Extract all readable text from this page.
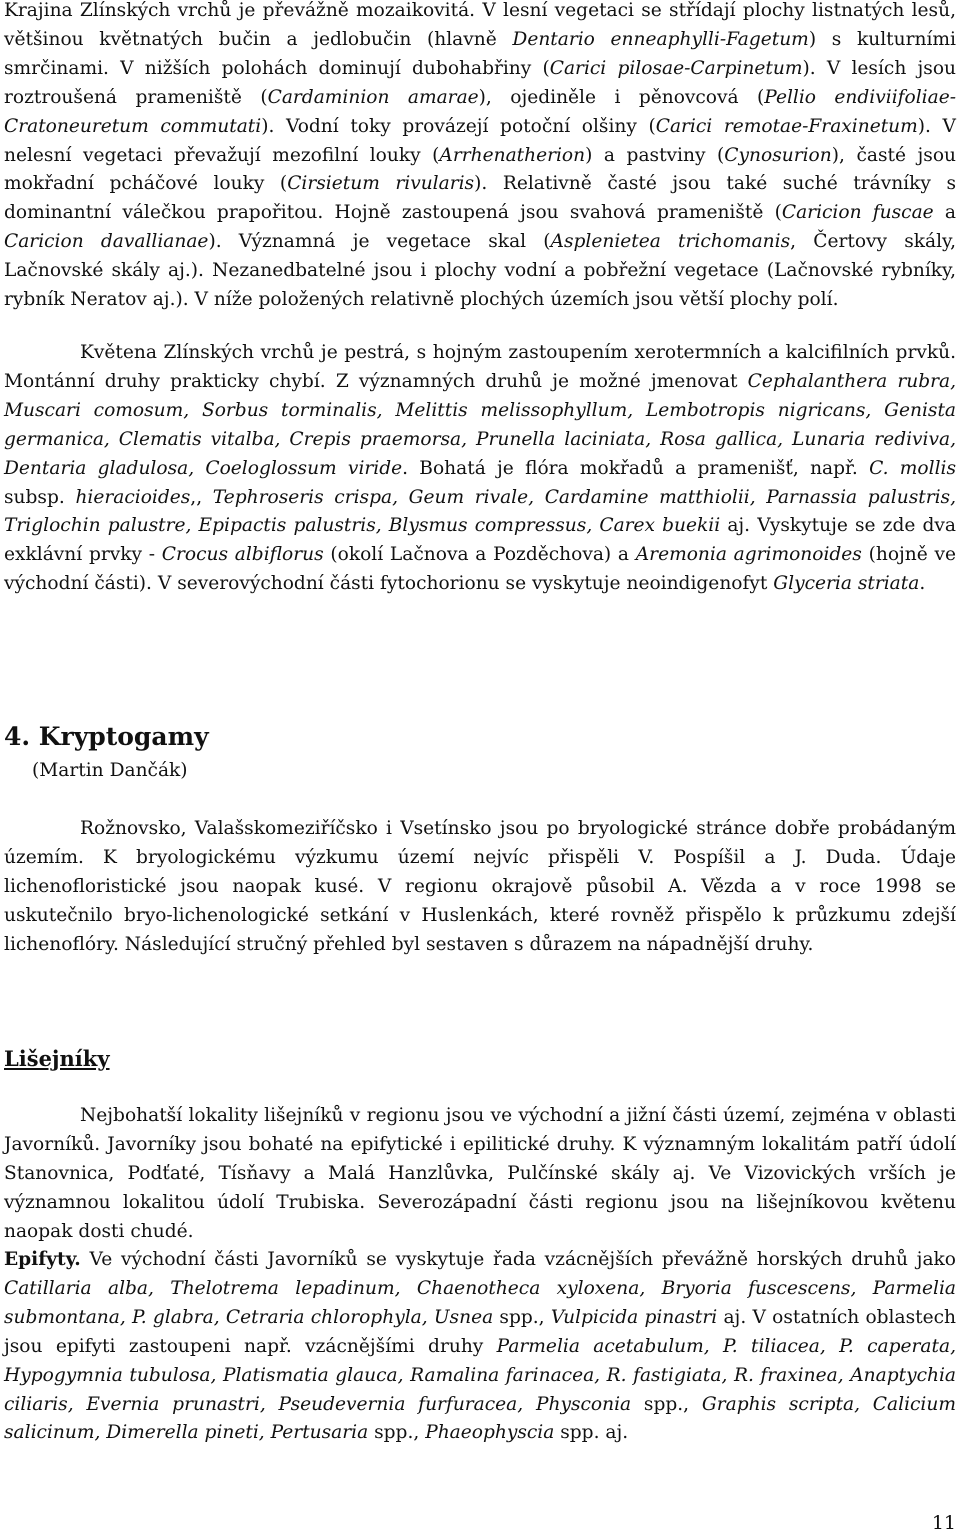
Krajina Zlínských vrchů je převážně mozaikovitá. V lesní vegetaci se střídají plochy listnatých lesů, většinou květnatých bučin a jedlobučin (hlavně Dentario enneaphylli-Fagetum) s kulturními smrčinami. V nižších polohách dominují dubohabřiny (Carici pilosae-Carpinetum). V lesích jsou roztroušená prameniště (Cardaminion amarae), ojediněle i pěnovcová (Pellio endiviifoliae-Cratoneuretum commutati). Vodní toky provázejí potoční olšiny (Carici remotae-Fraxinetum). V nelesní vegetaci převažují mezofilní louky (Arrhenatherion) a pastviny (Cynosurion), časté jsou mokřadní pcháčové louky (Cirsietum rivularis). Relativně časté jsou také suché trávníky s dominantní válečkou prapořitou. Hojně zastoupená jsou svahová prameniště (Caricion fuscae a Caricion davallianae). Významná je vegetace skal (Asplenietea trichomanis, Čertovy skály, Lačnovské skály aj.). Nezanedbatelné jsou i plochy vodní a pobřežní vegetace (Lačnovské rybníky, rybník Neratov aj.). V níže položených relativně plochých územích jsou větší plochy polí.

Květena Zlínských vrchů je pestrá, s hojným zastoupením xerotermních a kalcifilních prvků. Montánní druhy prakticky chybí. Z významných druhů je možné jmenovat Cephalanthera rubra, Muscari comosum, Sorbus torminalis, Melittis melissophyllum, Lembotropis nigricans, Genista germanica, Clematis vitalba, Crepis praemorsa, Prunella laciniata, Rosa gallica, Lunaria rediviva, Dentaria gladulosa, Coeloglossum viride. Bohatá je flóra mokřadů a pramenišť, např. C. mollis subsp. hieracioides,, Tephroseris crispa, Geum rivale, Cardamine matthiolii, Parnassia palustris, Triglochin palustre, Epipactis palustris, Blysmus compressus, Carex buekii aj. Vyskytuje se zde dva exklávní prvky - Crocus albiflorus (okolí Lačnova a Pozděchova) a Aremonia agrimonoides (hojně ve východní části). V severovýchodní části fytochorionu se vyskytuje neoindigenofyt Glyceria striata.

4. Kryptogamy
(Martin Dančák)

Rožnovsko, Valašskomeziříčsko i Vsetínsko jsou po bryologické stránce dobře probádaným územím. K bryologickému výzkumu území nejvíc přispěli V. Pospíšil a J. Duda. Údaje lichenofloristické jsou naopak kusé. V regionu okrajově působil A. Vězda a v roce 1998 se uskutečnilo bryo-lichenologické setkání v Huslenkách, které rovněž přispělo k průzkumu zdejší lichenoflóry. Následující stručný přehled byl sestaven s důrazem na nápadnější druhy.

Lišejníky

Nejbohatší lokality lišejníků v regionu jsou ve východní a jižní části území, zejména v oblasti Javorníků. Javorníky jsou bohaté na epifytické i epilitické druhy. K významným lokalitám patří údolí Stanovnica, Podťaté, Tísňavy a Malá Hanzlůvka, Pulčínské skály aj. Ve Vizovických vrších je významnou lokalitou údolí Trubiska. Severozápadní části regionu jsou na lišejníkovou květenu naopak dosti chudé.

Epifyty. Ve východní části Javorníků se vyskytuje řada vzácnějších převážně horských druhů jako Catillaria alba, Thelotrema lepadinum, Chaenotheca xyloxena, Bryoria fuscescens, Parmelia submontana, P. glabra, Cetraria chlorophyla, Usnea spp., Vulpicida pinastri aj. V ostatních oblastech jsou epifyti zastoupeni např. vzácnějšími druhy Parmelia acetabulum, P. tiliacea, P. caperata, Hypogymnia tubulosa, Platismatia glauca, Ramalina farinacea, R. fastigiata, R. fraxinea, Anaptychia ciliaris, Evernia prunastri, Pseudevernia furfuracea, Physconia spp., Graphis scripta, Calicium salicinum, Dimerella pineti, Pertusaria spp., Phaeophyscia spp. aj.

11
